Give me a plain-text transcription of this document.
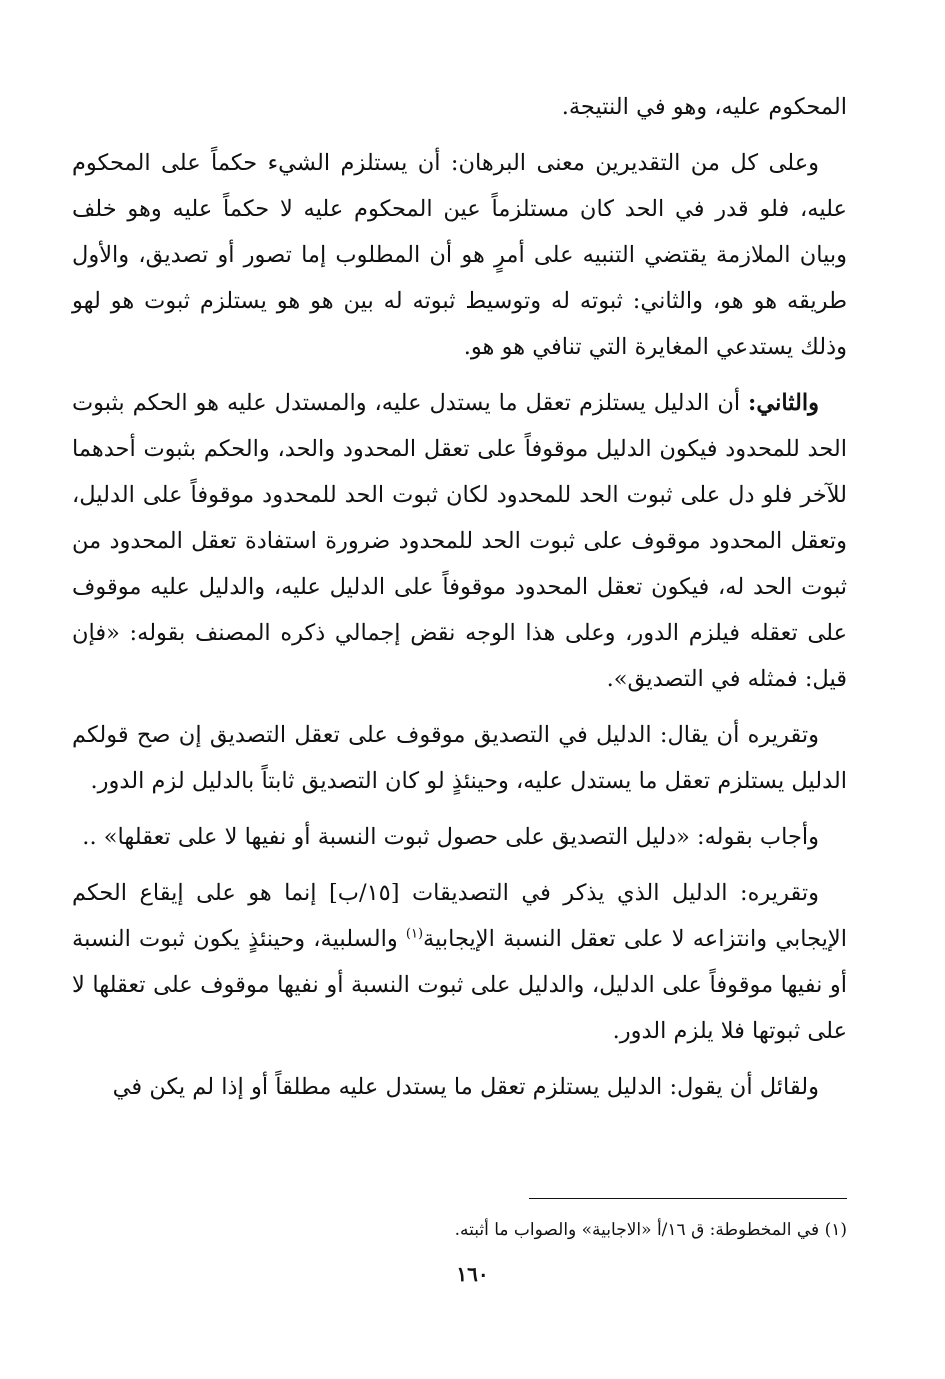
المحكوم عليه، وهو في النتيجة.

وعلى كل من التقديرين معنى البرهان: أن يستلزم الشيء حكماً على المحكوم عليه، فلو قدر في الحد كان مستلزماً عين المحكوم عليه لا حكماً عليه وهو خلف وبيان الملازمة يقتضي التنبيه على أمرٍ هو أن المطلوب إما تصور أو تصديق، والأول طريقه هو هو، والثاني: ثبوته له وتوسيط ثبوته له بين هو هو يستلزم ثبوت هو لهو وذلك يستدعي المغايرة التي تنافي هو هو.

والثاني: أن الدليل يستلزم تعقل ما يستدل عليه، والمستدل عليه هو الحكم بثبوت الحد للمحدود فيكون الدليل موقوفاً على تعقل المحدود والحد، والحكم بثبوت أحدهما للآخر فلو دل على ثبوت الحد للمحدود لكان ثبوت الحد للمحدود موقوفاً على الدليل، وتعقل المحدود موقوف على ثبوت الحد للمحدود ضرورة استفادة تعقل المحدود من ثبوت الحد له، فيكون تعقل المحدود موقوفاً على الدليل عليه، والدليل عليه موقوف على تعقله فيلزم الدور، وعلى هذا الوجه نقض إجمالي ذكره المصنف بقوله: «فإن قيل: فمثله في التصديق».

وتقريره أن يقال: الدليل في التصديق موقوف على تعقل التصديق إن صح قولكم الدليل يستلزم تعقل ما يستدل عليه، وحينئذٍ لو كان التصديق ثابتاً بالدليل لزم الدور.

وأجاب بقوله: «دليل التصديق على حصول ثبوت النسبة أو نفيها لا على تعقلها» ..

وتقريره: الدليل الذي يذكر في التصديقات [١٥/ب] إنما هو على إيقاع الحكم الإيجابي وانتزاعه لا على تعقل النسبة الإيجابية$^{(١)}$ والسلبية، وحينئذٍ يكون ثبوت النسبة أو نفيها موقوفاً على الدليل، والدليل على ثبوت النسبة أو نفيها موقوف على تعقلها لا على ثبوتها فلا يلزم الدور.

ولقائل أن يقول: الدليل يستلزم تعقل ما يستدل عليه مطلقاً أو إذا لم يكن في

(١) في المخطوطة: ق ١٦/أ «الاجابية» والصواب ما أثبته.
١٦٠
